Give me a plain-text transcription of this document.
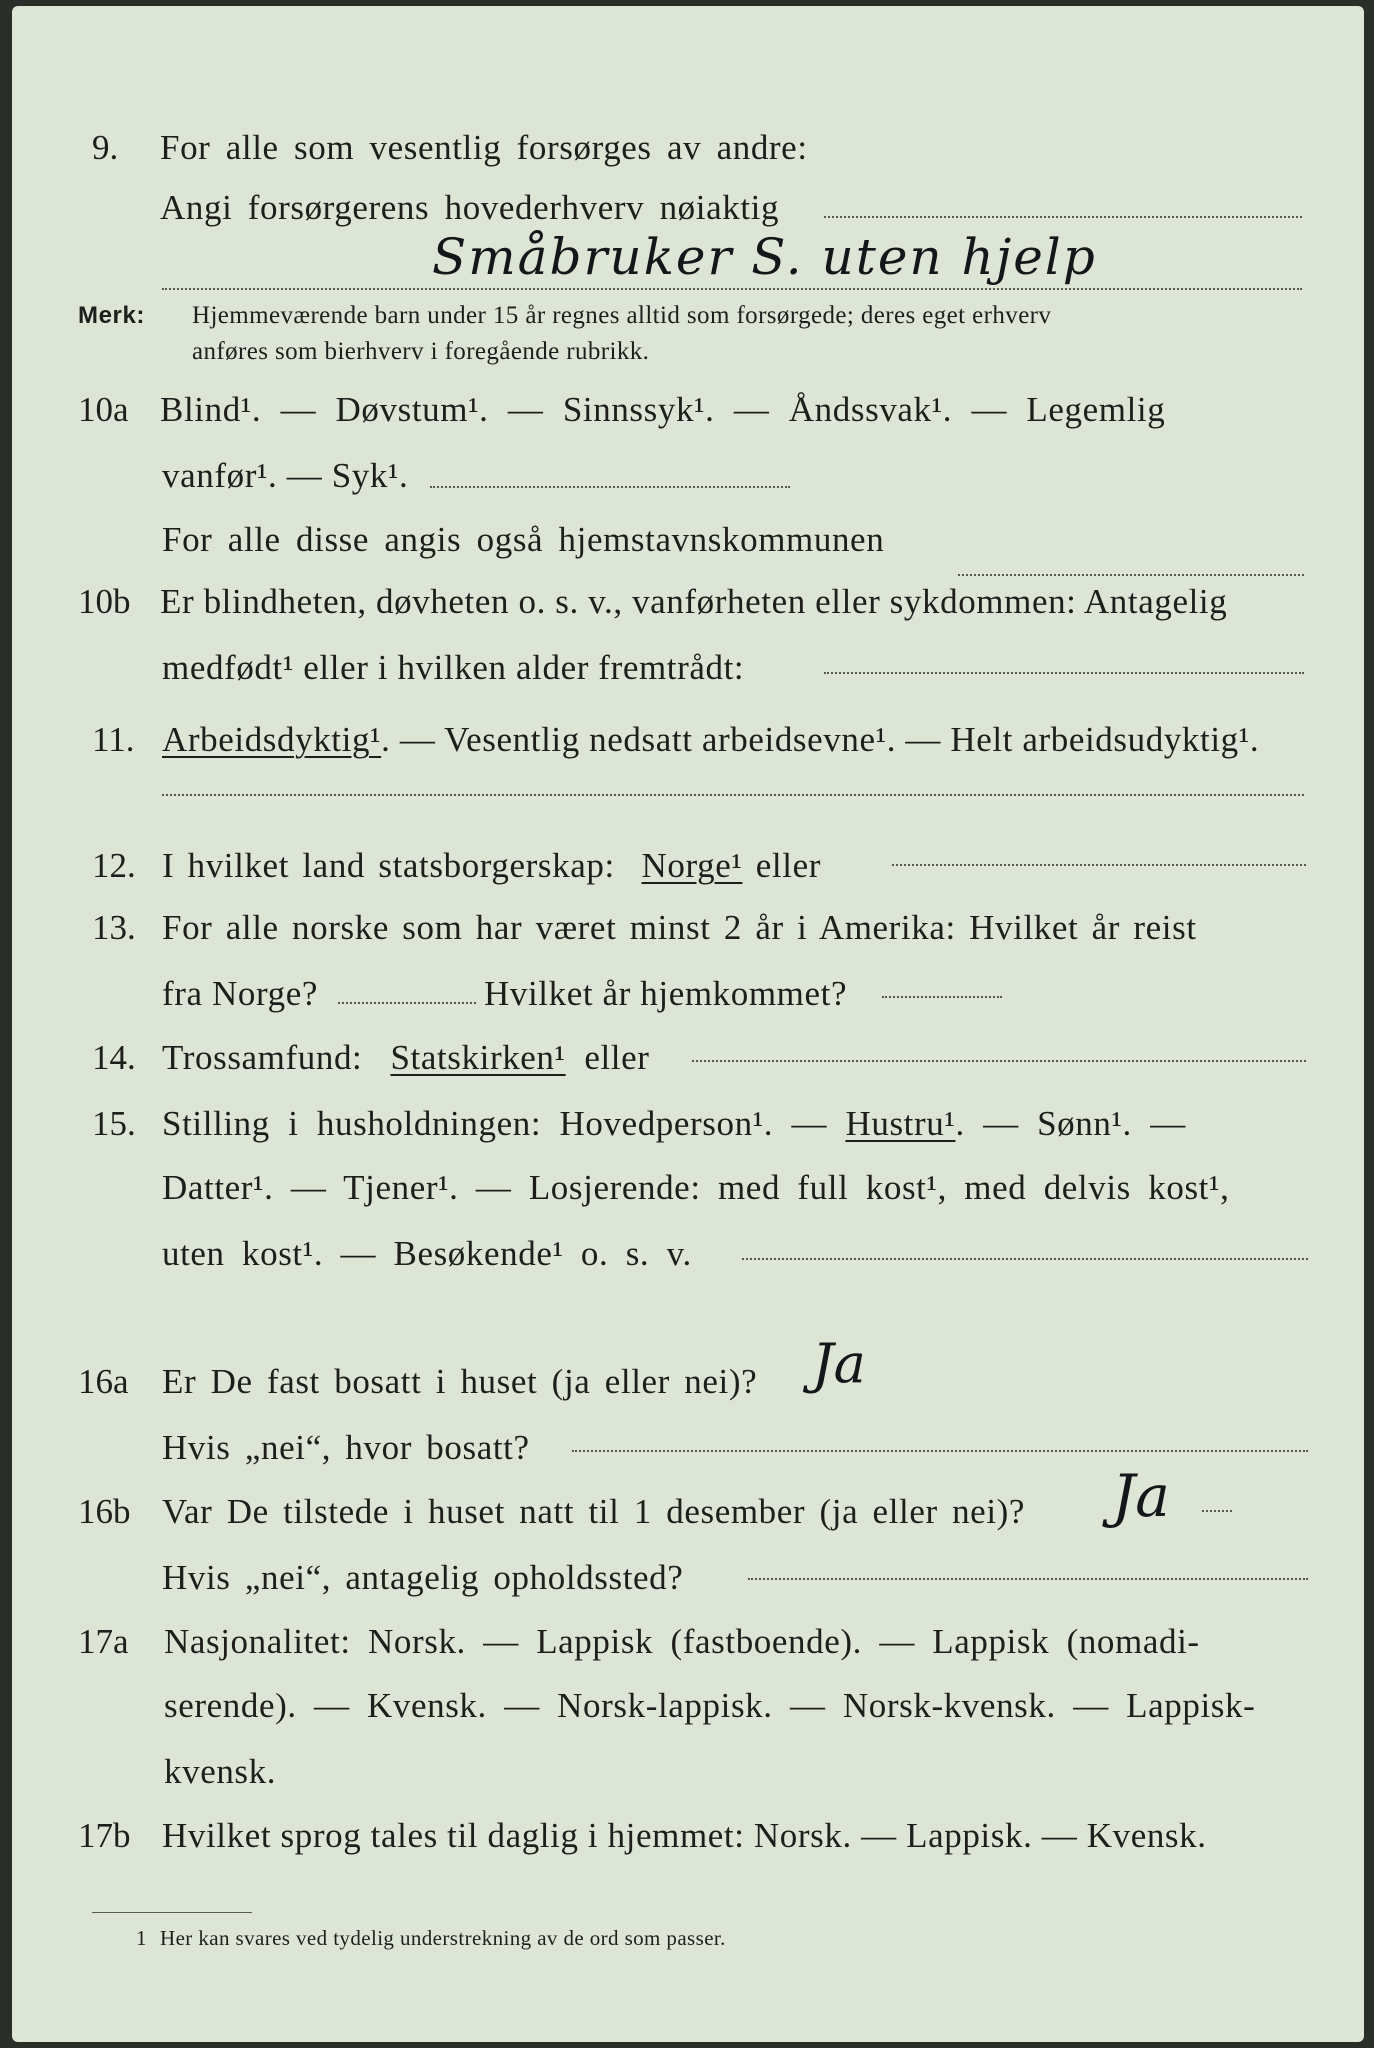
9. For alle som vesentlig forsørges av andre:
Angi forsørgerens hovederhverv nøiaktig
Småbruker S. uten hjelp
Merk: Hjemmeværende barn under 15 år regnes alltid som forsørgede; deres eget erhverv
anføres som bierhverv i foregående rubrikk.
10a Blind¹. — Døvstum¹. — Sinnssyk¹. — Åndssvak¹. — Legemlig
vanfør¹. — Syk¹.
For alle disse angis også hjemstavnskommunen
10b Er blindheten, døvheten o. s. v., vanførheten eller sykdommen: Antagelig
medfødt¹ eller i hvilken alder fremtrådt:
11. Arbeidsdyktig¹. — Vesentlig nedsatt arbeidsevne¹. — Helt arbeidsudyktig¹.
12. I hvilket land statsborgerskap: Norge¹ eller
13. For alle norske som har været minst 2 år i Amerika: Hvilket år reist
fra Norge?	Hvilket år hjemkommet?
14. Trossamfund: Statskirken¹ eller
15. Stilling i husholdningen: Hovedperson¹. — Hustru¹. — Sønn¹. —
Datter¹. — Tjener¹. — Losjerende: med full kost¹, med delvis kost¹,
uten kost¹. — Besøkende¹ o. s. v.
16a Er De fast bosatt i huset (ja eller nei)? Ja
Hvis „nei“, hvor bosatt?
16b Var De tilstede i huset natt til 1 desember (ja eller nei)? Ja
Hvis „nei“, antagelig opholdssted?
17a Nasjonalitet: Norsk. — Lappisk (fastboende). — Lappisk (nomadi-
serende). — Kvensk. — Norsk-lappisk. — Norsk-kvensk. — Lappisk-
kvensk.
17b Hvilket sprog tales til daglig i hjemmet: Norsk. — Lappisk. — Kvensk.
1 Her kan svares ved tydelig understrekning av de ord som passer.
